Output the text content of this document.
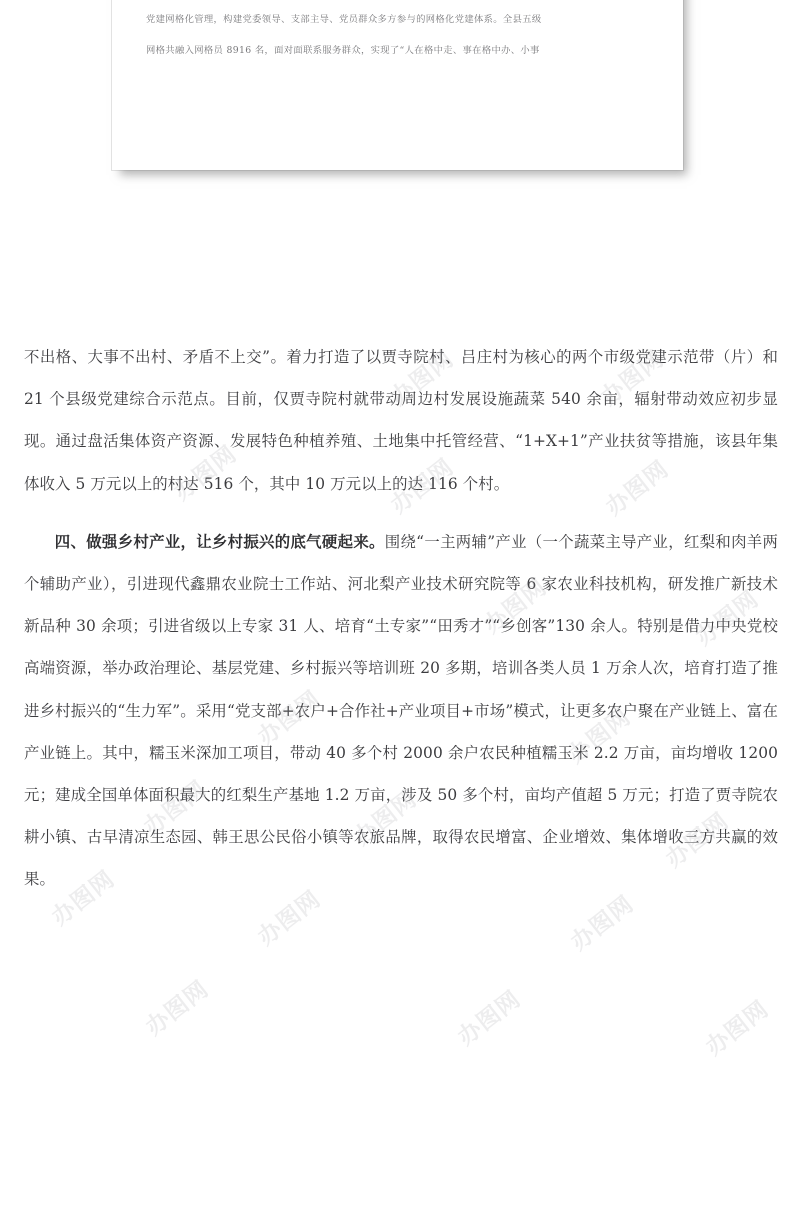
党建网格化管理，构建党委领导、支部主导、党员群众多方参与的网格化党建体系。全县五级
网格共融入网格员 8916 名，面对面联系服务群众，实现了“人在格中走、事在格中办、小事

不出格、大事不出村、矛盾不上交”。着力打造了以贾寺院村、吕庄村为核心的两个市级党建示范带（片）和 21 个县级党建综合示范点。目前，仅贾寺院村就带动周边村发展设施蔬菜 540 余亩，辐射带动效应初步显现。通过盘活集体资产资源、发展特色种植养殖、土地集中托管经营、“1+X+1”产业扶贫等措施，该县年集体收入 5 万元以上的村达 516 个，其中 10 万元以上的达 116 个村。

四、做强乡村产业，让乡村振兴的底气硬起来。围绕“一主两辅”产业（一个蔬菜主导产业，红梨和肉羊两个辅助产业），引进现代鑫鼎农业院士工作站、河北梨产业技术研究院等 6 家农业科技机构，研发推广新技术新品种 30 余项；引进省级以上专家 31 人、培育“土专家”“田秀才”“乡创客”130 余人。特别是借力中央党校高端资源，举办政治理论、基层党建、乡村振兴等培训班 20 多期，培训各类人员 1 万余人次，培育打造了推进乡村振兴的“生力军”。采用“党支部+农户+合作社+产业项目+市场”模式，让更多农户聚在产业链上、富在产业链上。其中，糯玉米深加工项目，带动 40 多个村 2000 余户农民种植糯玉米 2.2 万亩，亩均增收 1200 元；建成全国单体面积最大的红梨生产基地 1.2 万亩，涉及 50 多个村，亩均产值超 5 万元；打造了贾寺院农耕小镇、古早清凉生态园、韩王思公民俗小镇等农旅品牌，取得农民增富、企业增效、集体增收三方共赢的效果。

办图网	办图网
办图网	办图网	办图网
办图网	办图网
办图网	办图网
办图网	办图网	办图网
办图网	办图网	办图网
办图网	办图网	办图网
